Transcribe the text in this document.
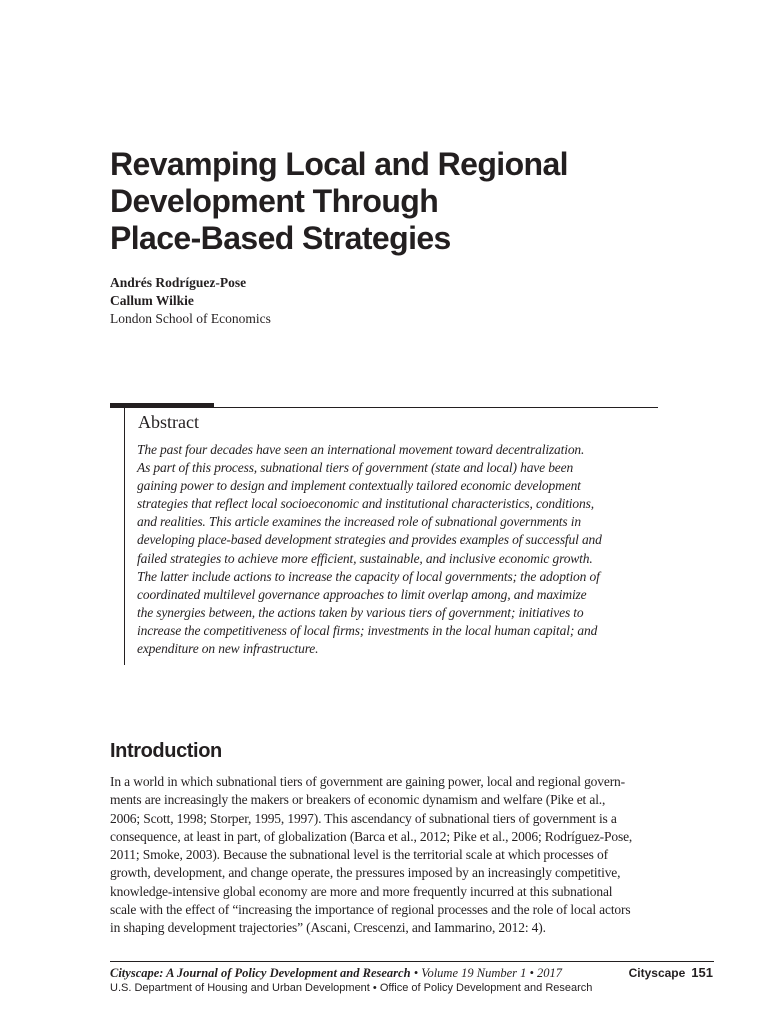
Revamping Local and Regional
Development Through
Place-Based Strategies
Andrés Rodríguez-Pose
Callum Wilkie
London School of Economics
Abstract
The past four decades have seen an international movement toward decentralization.
As part of this process, subnational tiers of government (state and local) have been
gaining power to design and implement contextually tailored economic development
strategies that reflect local socioeconomic and institutional characteristics, conditions,
and realities. This article examines the increased role of subnational governments in
developing place-based development strategies and provides examples of successful and
failed strategies to achieve more efficient, sustainable, and inclusive economic growth.
The latter include actions to increase the capacity of local governments; the adoption of
coordinated multilevel governance approaches to limit overlap among, and maximize
the synergies between, the actions taken by various tiers of government; initiatives to
increase the competitiveness of local firms; investments in the local human capital; and
expenditure on new infrastructure.
Introduction
In a world in which subnational tiers of government are gaining power, local and regional govern-
ments are increasingly the makers or breakers of economic dynamism and welfare (Pike et al.,
2006; Scott, 1998; Storper, 1995, 1997). This ascendancy of subnational tiers of government is a
consequence, at least in part, of globalization (Barca et al., 2012; Pike et al., 2006; Rodríguez-Pose,
2011; Smoke, 2003). Because the subnational level is the territorial scale at which processes of
growth, development, and change operate, the pressures imposed by an increasingly competitive,
knowledge-intensive global economy are more and more frequently incurred at this subnational
scale with the effect of “increasing the importance of regional processes and the role of local actors
in shaping development trajectories” (Ascani, Crescenzi, and Iammarino, 2012: 4).
Cityscape: A Journal of Policy Development and Research • Volume 19 Number 1 • 2017	Cityscape 151
U.S. Department of Housing and Urban Development • Office of Policy Development and Research
